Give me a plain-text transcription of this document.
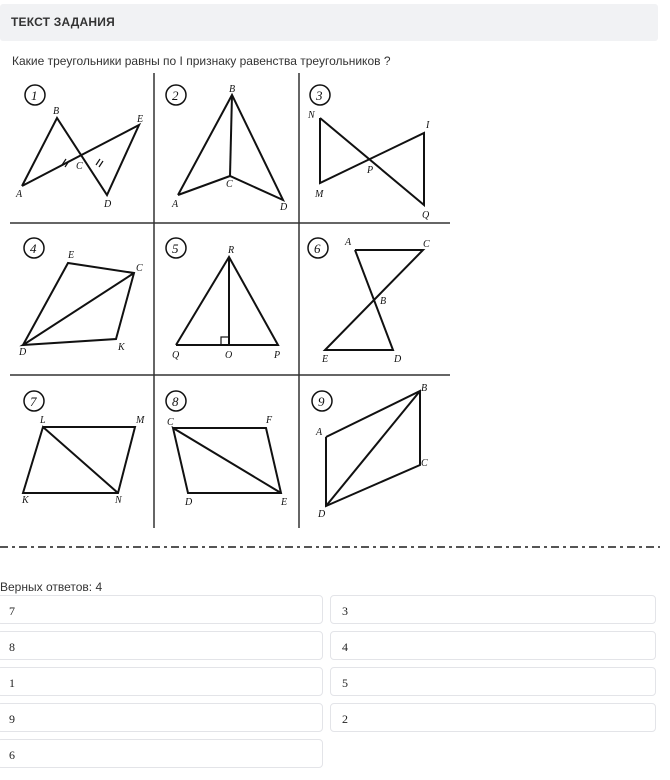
ТЕКСТ ЗАДАНИЯ
Какие треугольники равны по I признаку равенства треугольников ?
1
B
E
C
A
D
2	B
C
A	D
3
N
I
P
M
Q
4	E
C
D	K
5	R
Q	O	P
6 A	C
B
E	D
7
L	M
K	N
8
C	F
D	E
9
B
A
C
D
Верных ответов: 4
7	3
8	4
1	5
9	2
6
